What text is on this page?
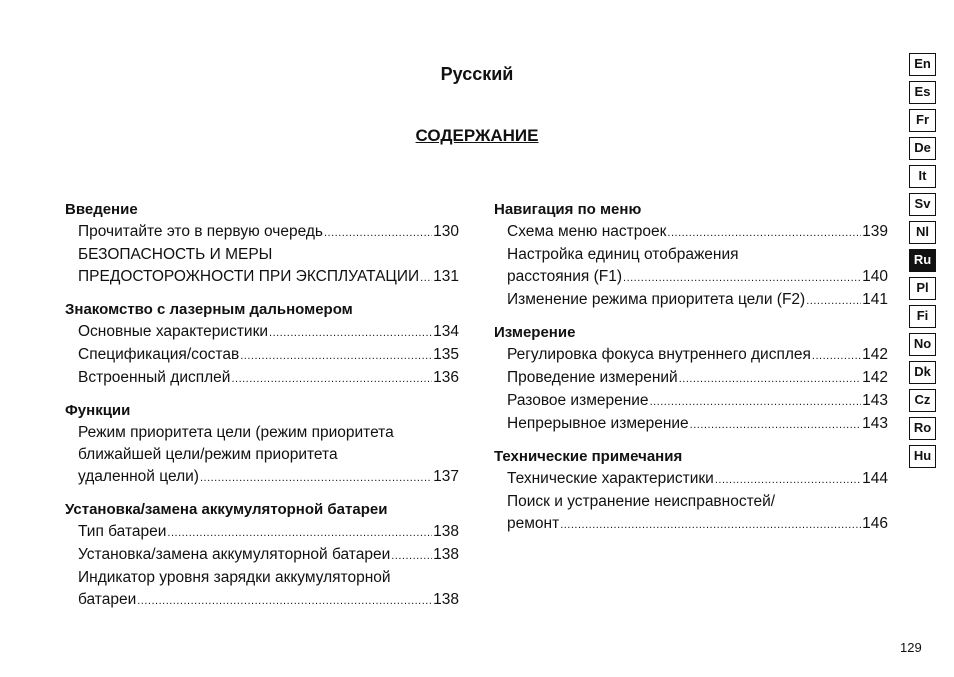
Русский
СОДЕРЖАНИЕ
Введение
Прочитайте это в первую очередь .....	130
БЕЗОПАСНОСТЬ И МЕРЫ
ПРЕДОСТОРОЖНОСТИ ПРИ ЭКСПЛУАТАЦИИ ..... 131
Знакомство с лазерным дальномером
Основные характеристики .....	134
Спецификация/состав .....	135
Встроенный дисплей .....	136
Функции
Режим приоритета цели (режим приоритета
ближайшей цели/режим приоритета
удаленной цели) .....	137
Установка/замена аккумуляторной батареи
Тип батареи .....	138
Установка/замена аккумуляторной батареи .....	138
Индикатор уровня зарядки аккумуляторной
батареи .....	138
Навигация по меню
Схема меню настроек .....	139
Настройка единиц отображения
расстояния (F1) .....	140
Изменение режима приоритета цели (F2) .....	141
Измерение
Регулировка фокуса внутреннего дисплея .....	142
Проведение измерений .....	142
Разовое измерение .....	143
Непрерывное измерение .....	143
Технические примечания
Технические характеристики .....	144
Поиск и устранение неисправностей/
ремонт .....	146
En
Es
Fr
De
It
Sv
Nl
Ru
Pl
Fi
No
Dk
Cz
Ro
Hu
129
